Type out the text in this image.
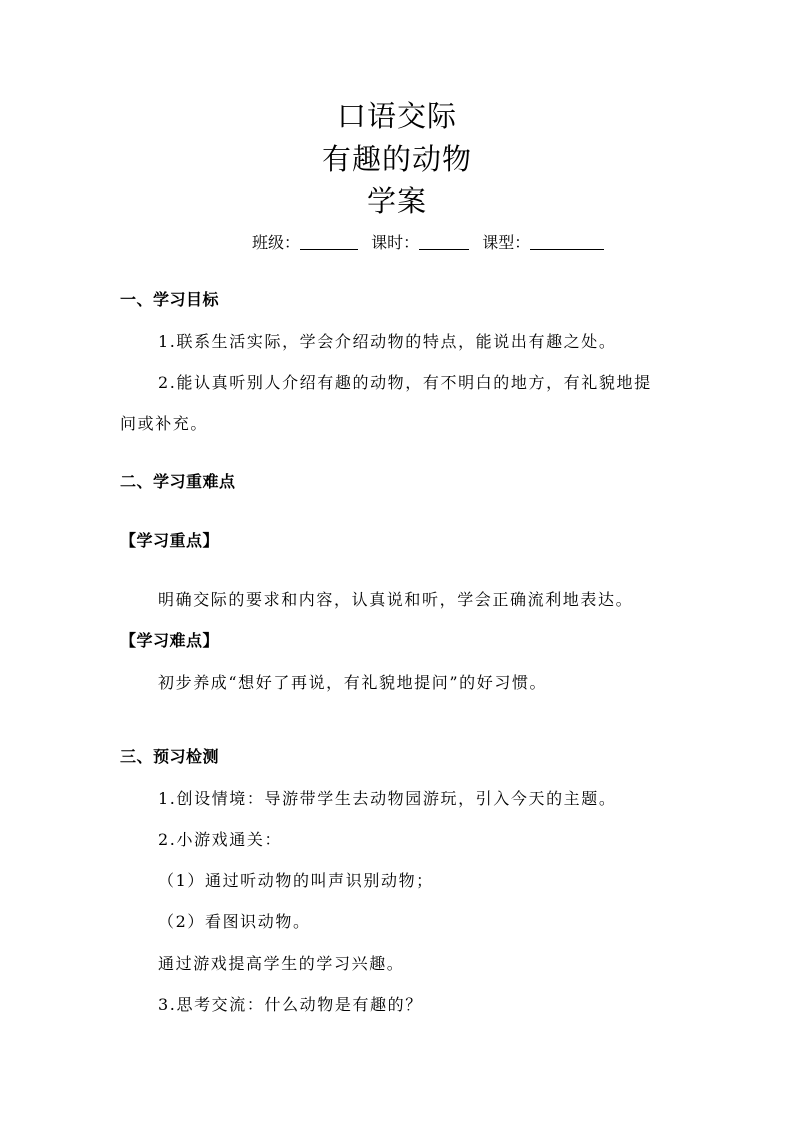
口语交际
有趣的动物
学案
班级：	课时：	课型：
一、学习目标
1.联系生活实际，学会介绍动物的特点，能说出有趣之处。
2.能认真听别人介绍有趣的动物，有不明白的地方，有礼貌地提
问或补充。
二、学习重难点
【学习重点】
明确交际的要求和内容，认真说和听，学会正确流利地表达。
【学习难点】
初步养成“想好了再说，有礼貌地提问”的好习惯。
三、预习检测
1.创设情境：导游带学生去动物园游玩，引入今天的主题。
2.小游戏通关：
（1）通过听动物的叫声识别动物；
（2）看图识动物。
通过游戏提高学生的学习兴趣。
3.思考交流：什么动物是有趣的？
